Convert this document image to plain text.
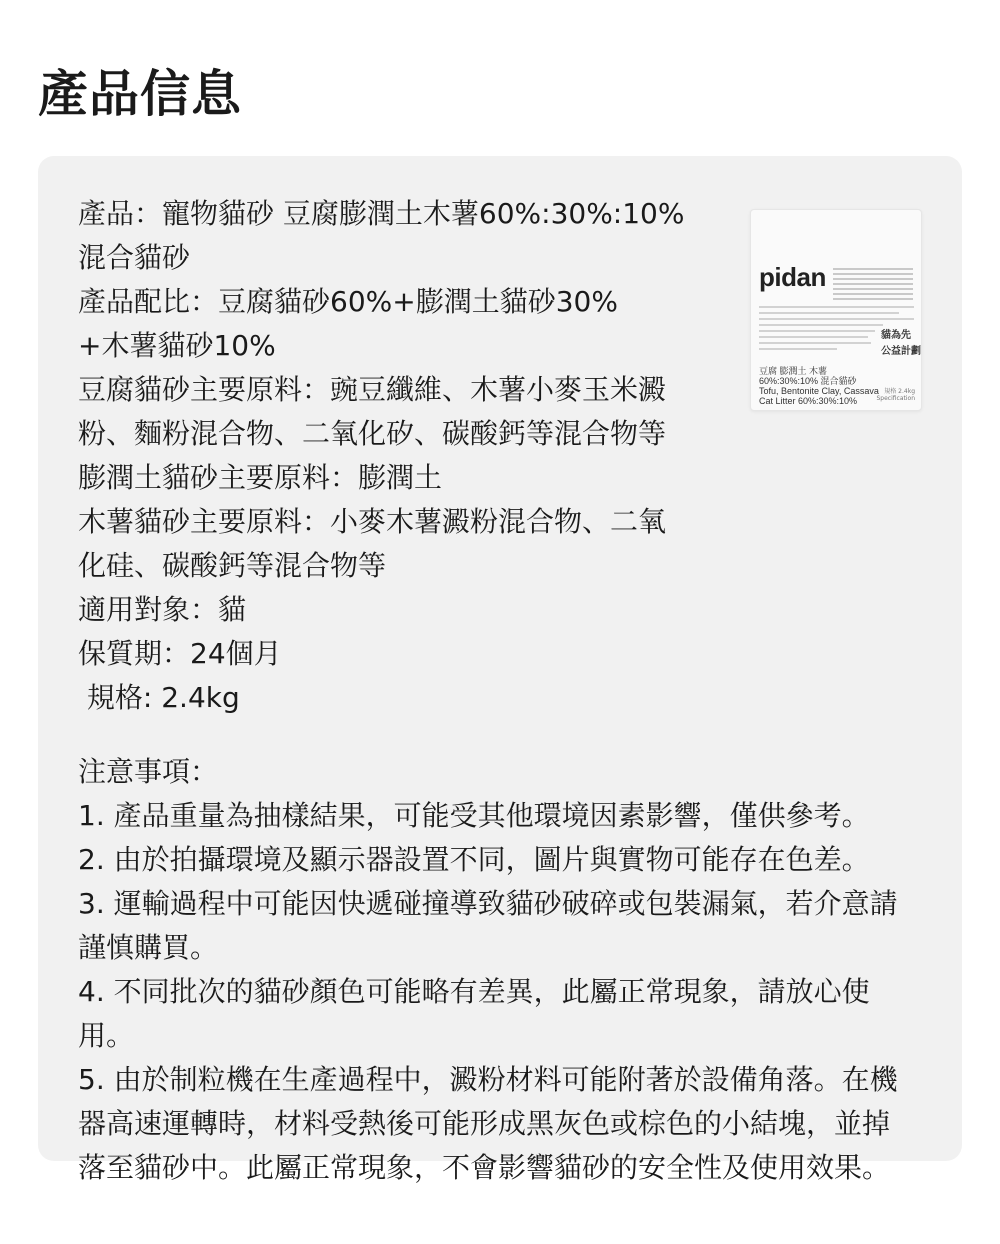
產品信息

產品：寵物貓砂 豆腐膨潤土木薯60%:30%:10%

混合貓砂

產品配比：豆腐貓砂60%+膨潤土貓砂30%

+木薯貓砂10%

豆腐貓砂主要原料：豌豆纖維、木薯小麥玉米澱

粉、麵粉混合物、二氧化矽、碳酸鈣等混合物等

膨潤土貓砂主要原料：膨潤土

木薯貓砂主要原料：小麥木薯澱粉混合物、二氧

化硅、碳酸鈣等混合物等

適用對象：貓

保質期：24個月

規格: 2.4kg

pidan
貓為先
公益計劃
豆腐 膨潤土 木薯
60%:30%:10% 混合貓砂
Tofu, Bentonite Clay, Cassava
Cat Litter 60%:30%:10%
規格 2.4kg
Specification

注意事項：

1. 產品重量為抽樣結果，可能受其他環境因素影響，僅供參考。

2. 由於拍攝環境及顯示器設置不同，圖片與實物可能存在色差。

3. 運輸過程中可能因快遞碰撞導致貓砂破碎或包裝漏氣，若介意請

謹慎購買。

4. 不同批次的貓砂顏色可能略有差異，此屬正常現象，請放心使

用。

5. 由於制粒機在生產過程中，澱粉材料可能附著於設備角落。在機

器高速運轉時，材料受熱後可能形成黑灰色或棕色的小結塊，並掉

落至貓砂中。此屬正常現象，不會影響貓砂的安全性及使用效果。
